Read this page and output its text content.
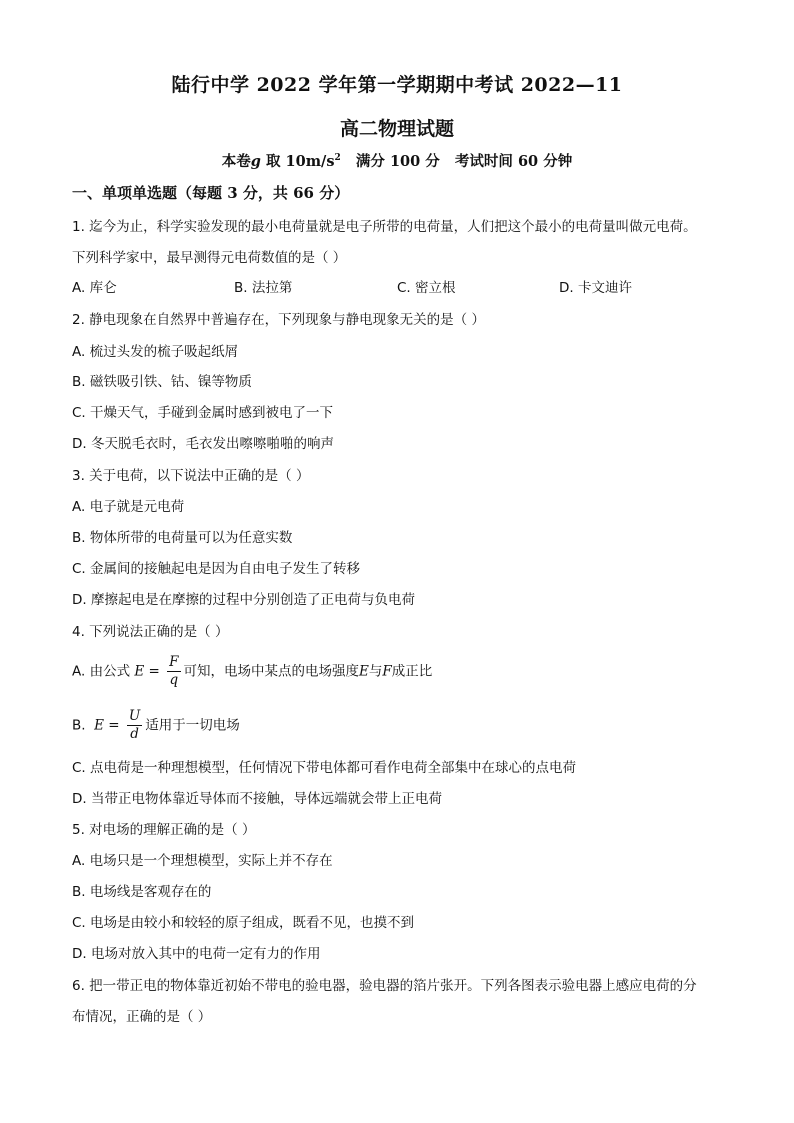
陆行中学 2022 学年第一学期期中考试 2022—11
高二物理试题
本卷g 取 $10m/s^2$   满分 100 分   考试时间 60 分钟
一、单项单选题（每题 3 分，共 66 分）
1. 迄今为止，科学实验发现的最小电荷量就是电子所带的电荷量，人们把这个最小的电荷量叫做元电荷。
下列科学家中，最早测得元电荷数值的是（ ）
A. 库仑	B. 法拉第	C. 密立根	D. 卡文迪许
2. 静电现象在自然界中普遍存在，下列现象与静电现象无关的是（ ）
A. 梳过头发的梳子吸起纸屑
B. 磁铁吸引铁、钴、镍等物质
C. 干燥天气，手碰到金属时感到被电了一下
D. 冬天脱毛衣时，毛衣发出嚓嚓啪啪的响声
3. 关于电荷，以下说法中正确的是（ ）
A. 电子就是元电荷
B. 物体所带的电荷量可以为任意实数
C. 金属间的接触起电是因为自由电子发生了转移
D. 摩擦起电是在摩擦的过程中分别创造了正电荷与负电荷
4. 下列说法正确的是（ ）
A. 由公式 $E = \frac{F}{q}$ 可知，电场中某点的电场强度E与F成正比
B.  $E = \frac{U}{d}$ 适用于一切电场
C. 点电荷是一种理想模型，任何情况下带电体都可看作电荷全部集中在球心的点电荷
D. 当带正电物体靠近导体而不接触，导体远端就会带上正电荷
5. 对电场的理解正确的是（ ）
A. 电场只是一个理想模型，实际上并不存在
B. 电场线是客观存在的
C. 电场是由较小和较轻的原子组成，既看不见，也摸不到
D. 电场对放入其中的电荷一定有力的作用
6. 把一带正电的物体靠近初始不带电的验电器，验电器的箔片张开。下列各图表示验电器上感应电荷的分
布情况，正确的是（ ）
